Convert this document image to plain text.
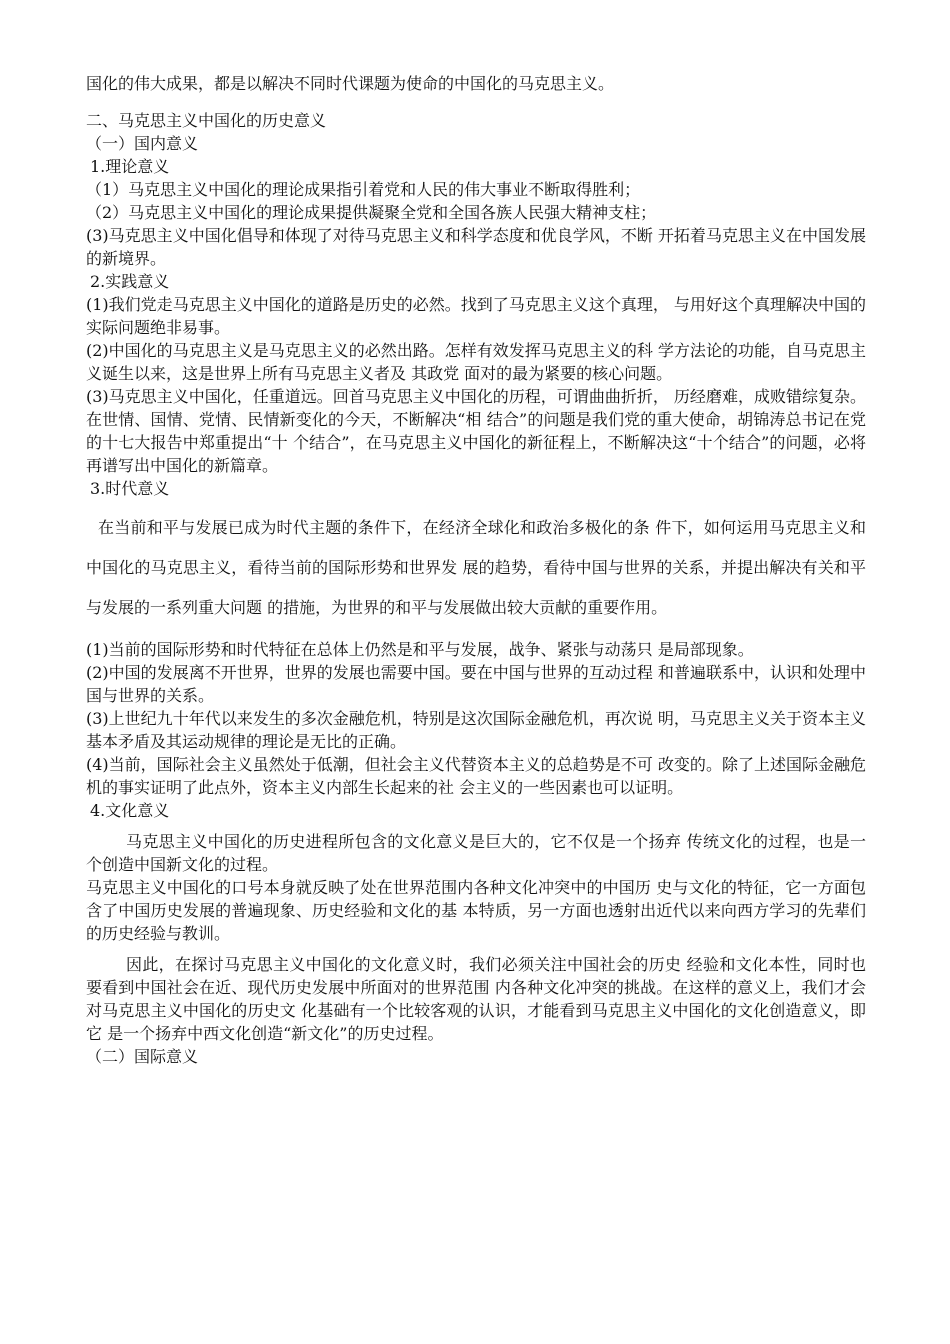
国化的伟大成果，都是以解决不同时代课题为使命的中国化的马克思主义。

二、马克思主义中国化的历史意义

（一）国内意义

1.理论意义

（1）马克思主义中国化的理论成果指引着党和人民的伟大事业不断取得胜利；

（2）马克思主义中国化的理论成果提供凝聚全党和全国各族人民强大精神支柱；

(3)马克思主义中国化倡导和体现了对待马克思主义和科学态度和优良学风，不断 开拓着马克思主义在中国发展的新境界。

2.实践意义

(1)我们党走马克思主义中国化的道路是历史的必然。找到了马克思主义这个真理， 与用好这个真理解决中国的实际问题绝非易事。

(2)中国化的马克思主义是马克思主义的必然出路。怎样有效发挥马克思主义的科 学方法论的功能，自马克思主义诞生以来，这是世界上所有马克思主义者及 其政党 面对的最为紧要的核心问题。

(3)马克思主义中国化，任重道远。回首马克思主义中国化的历程，可谓曲曲折折， 历经磨难，成败错综复杂。在世情、国情、党情、民情新变化的今天，不断解决“相 结合”的问题是我们党的重大使命，胡锦涛总书记在党的十七大报告中郑重提出“十 个结合”，在马克思主义中国化的新征程上，不断解决这“十个结合”的问题，必将 再谱写出中国化的新篇章。

3.时代意义

在当前和平与发展已成为时代主题的条件下，在经济全球化和政治多极化的条 件下，如何运用马克思主义和中国化的马克思主义，看待当前的国际形势和世界发 展的趋势，看待中国与世界的关系，并提出解决有关和平与发展的一系列重大问题 的措施，为世界的和平与发展做出较大贡献的重要作用。

(1)当前的国际形势和时代特征在总体上仍然是和平与发展，战争、紧张与动荡只 是局部现象。

(2)中国的发展离不开世界，世界的发展也需要中国。要在中国与世界的互动过程 和普遍联系中，认识和处理中国与世界的关系。

(3)上世纪九十年代以来发生的多次金融危机，特别是这次国际金融危机，再次说 明，马克思主义关于资本主义基本矛盾及其运动规律的理论是无比的正确。

(4)当前，国际社会主义虽然处于低潮，但社会主义代替资本主义的总趋势是不可 改变的。除了上述国际金融危机的事实证明了此点外，资本主义内部生长起来的社 会主义的一些因素也可以证明。

4.文化意义

马克思主义中国化的历史进程所包含的文化意义是巨大的，它不仅是一个扬弃 传统文化的过程，也是一个创造中国新文化的过程。

马克思主义中国化的口号本身就反映了处在世界范围内各种文化冲突中的中国历 史与文化的特征，它一方面包含了中国历史发展的普遍现象、历史经验和文化的基 本特质，另一方面也透射出近代以来向西方学习的先辈们的历史经验与教训。

因此，在探讨马克思主义中国化的文化意义时，我们必须关注中国社会的历史 经验和文化本性，同时也要看到中国社会在近、现代历史发展中所面对的世界范围 内各种文化冲突的挑战。在这样的意义上，我们才会对马克思主义中国化的历史文 化基础有一个比较客观的认识，才能看到马克思主义中国化的文化创造意义，即它 是一个扬弃中西文化创造“新文化”的历史过程。

（二）国际意义
